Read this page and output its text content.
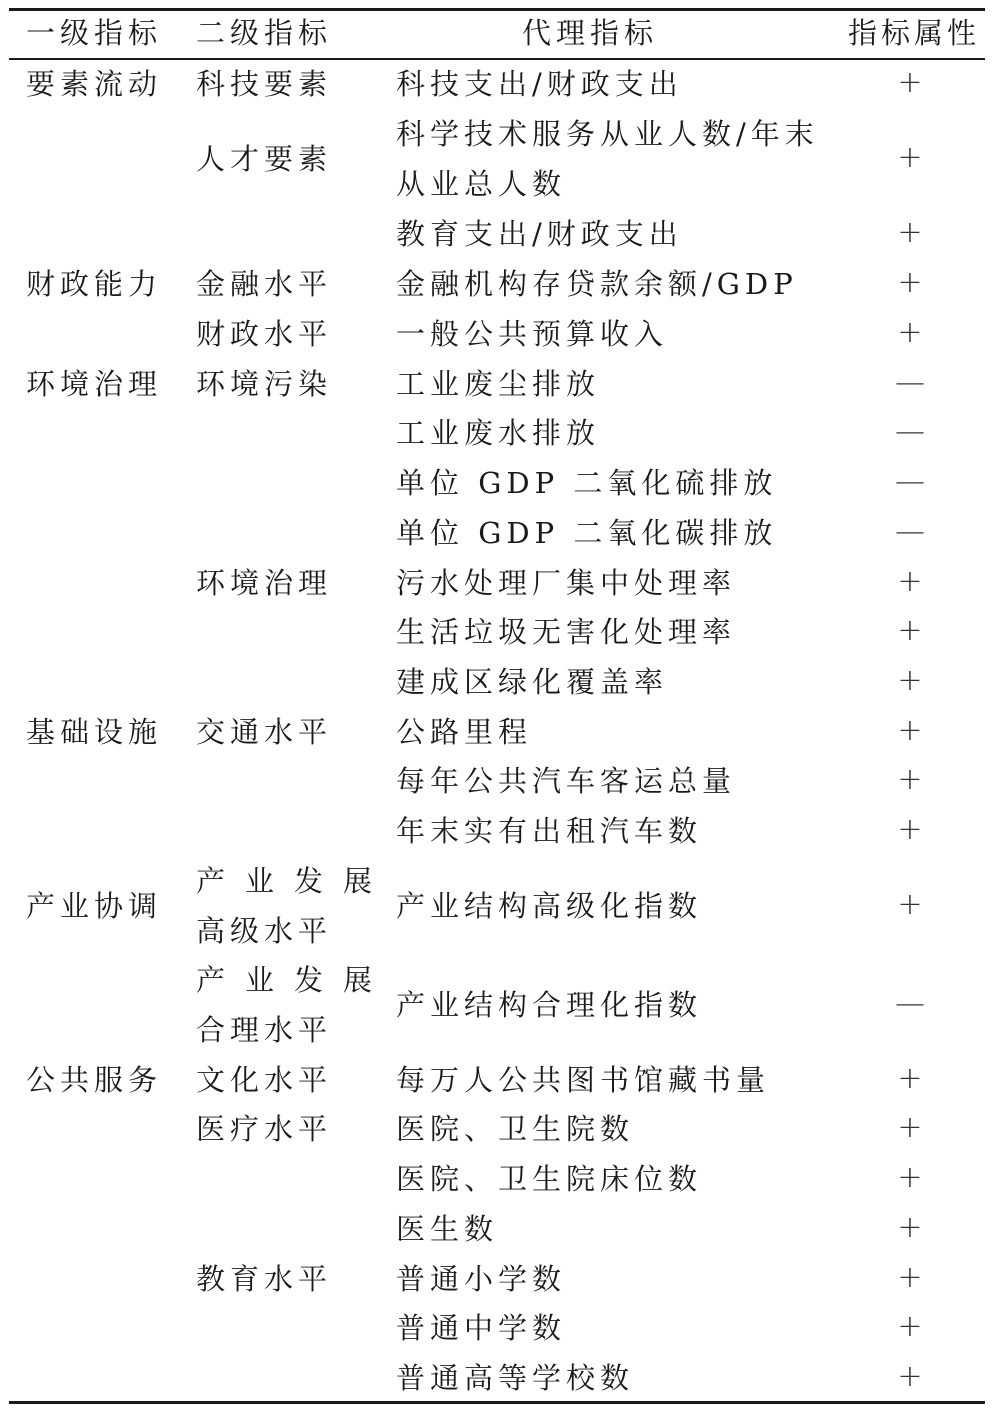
一级指标 二级指标	代理指标	指标属性
要素流动
财政能力
环境治理
基础设施
产业协调
公共服务
科技要素
人才要素
金融水平
财政水平
环境污染
环境治理
交通水平
产业发展
高级水平
产业发展
合理水平
文化水平
医疗水平
教育水平
科技支出/财政支出
科学技术服务从业人数/年末
从业总人数
教育支出/财政支出
金融机构存贷款余额/GDP
一般公共预算收入
工业废尘排放
工业废水排放
单位 GDP 二氧化硫排放
单位 GDP 二氧化碳排放
污水处理厂集中处理率
生活垃圾无害化处理率
建成区绿化覆盖率
公路里程
每年公共汽车客运总量
年末实有出租汽车数
产业结构高级化指数
产业结构合理化指数
每万人公共图书馆藏书量
医院、卫生院数
医院、卫生院床位数
医生数
普通小学数
普通中学数
普通高等学校数
+
+
+
+
+
—
—
—
—
+
+
+
+
+
+
+
—
+
+
+
+
+
+
+
